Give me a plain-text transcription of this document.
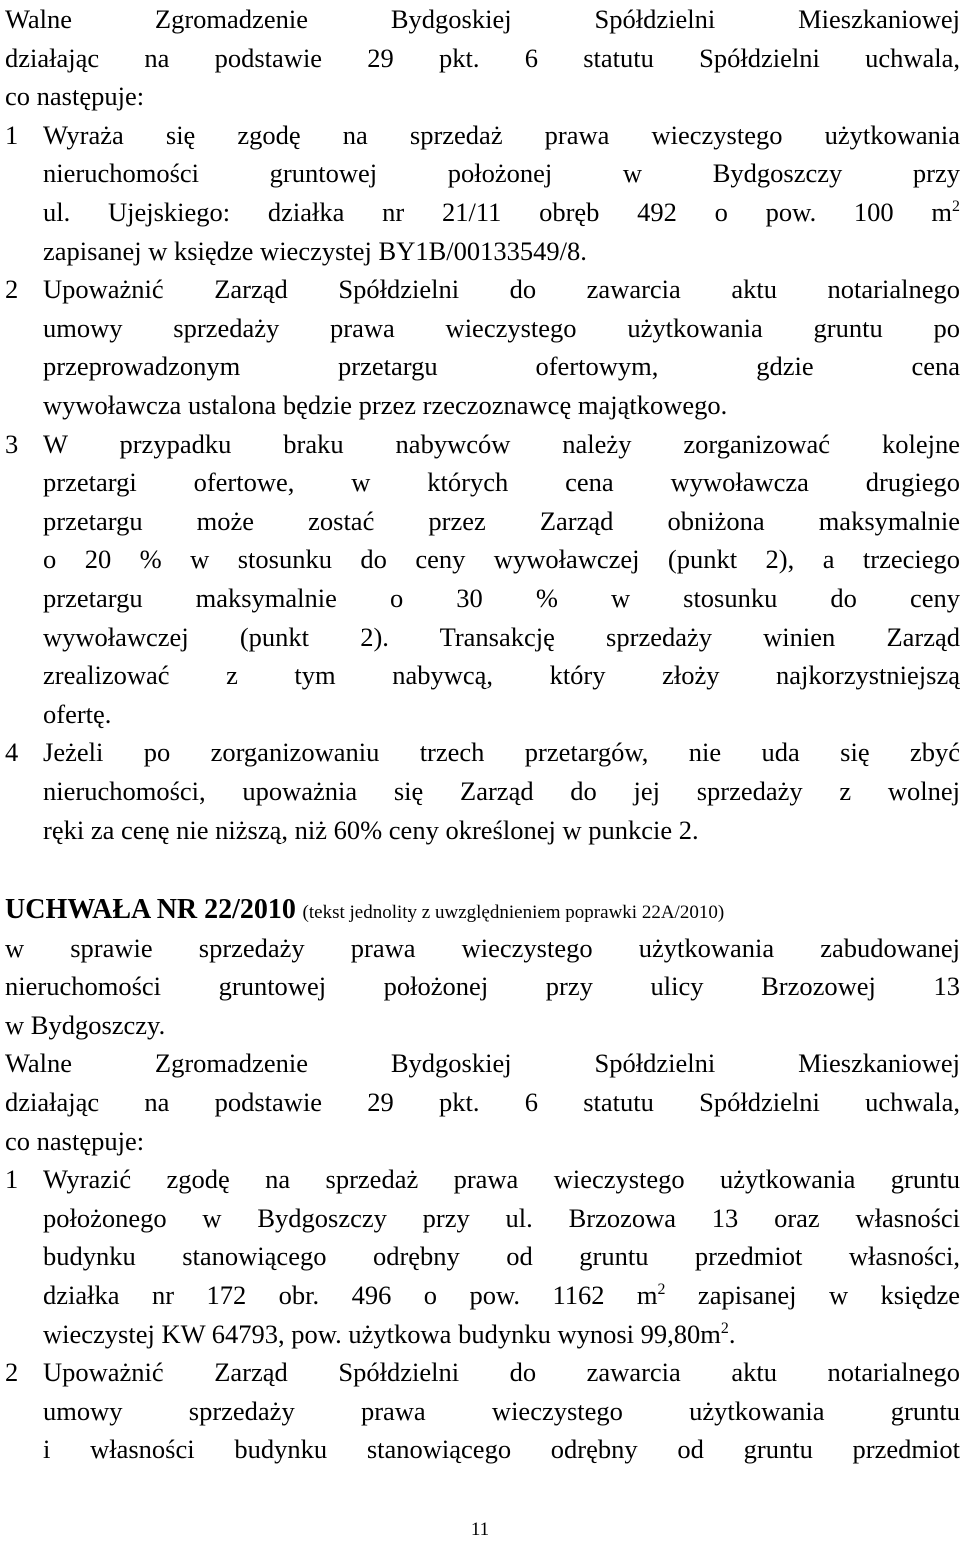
Walne Zgromadzenie Bydgoskiej Spółdzielni Mieszkaniowej
działając na podstawie 29 pkt. 6 statutu Spółdzielni uchwala,
co następuje:
1 Wyraża się zgodę na sprzedaż prawa wieczystego użytkowania
nieruchomości gruntowej położonej w Bydgoszczy przy
ul. Ujejskiego: działka nr 21/11 obręb 492 o pow. 100 $m^2$
zapisanej w księdze wieczystej BY1B/00133549/8.
2 Upoważnić Zarząd Spółdzielni do zawarcia aktu notarialnego
umowy sprzedaży prawa wieczystego użytkowania gruntu po
przeprowadzonym przetargu ofertowym, gdzie cena
wywoławcza ustalona będzie przez rzeczoznawcę majątkowego.
3 W przypadku braku nabywców należy zorganizować kolejne
przetargi ofertowe, w których cena wywoławcza drugiego
przetargu może zostać przez Zarząd obniżona maksymalnie
o 20 % w stosunku do ceny wywoławczej (punkt 2), a trzeciego
przetargu maksymalnie o 30 % w stosunku do ceny
wywoławczej (punkt 2). Transakcję sprzedaży winien Zarząd
zrealizować z tym nabywcą, który złoży najkorzystniejszą
ofertę.
4 Jeżeli po zorganizowaniu trzech przetargów, nie uda się zbyć
nieruchomości, upoważnia się Zarząd do jej sprzedaży z wolnej
ręki za cenę nie niższą, niż 60% ceny określonej w punkcie 2.
UCHWAŁA NR 22/2010 (tekst jednolity z uwzględnieniem poprawki 22A/2010)
w sprawie sprzedaży prawa wieczystego użytkowania zabudowanej
nieruchomości gruntowej położonej przy ulicy Brzozowej 13
w Bydgoszczy.
Walne Zgromadzenie Bydgoskiej Spółdzielni Mieszkaniowej
działając na podstawie 29 pkt. 6 statutu Spółdzielni uchwala,
co następuje:
1 Wyrazić zgodę na sprzedaż prawa wieczystego użytkowania gruntu
położonego w Bydgoszczy przy ul. Brzozowa 13 oraz własności
budynku stanowiącego odrębny od gruntu przedmiot własności,
działka nr 172 obr. 496 o pow. 1162 $m^2$ zapisanej w księdze
wieczystej KW 64793, pow. użytkowa budynku wynosi $99,80m^2$.
2 Upoważnić Zarząd Spółdzielni do zawarcia aktu notarialnego
umowy sprzedaży prawa wieczystego użytkowania gruntu
i własności budynku stanowiącego odrębny od gruntu przedmiot
11
